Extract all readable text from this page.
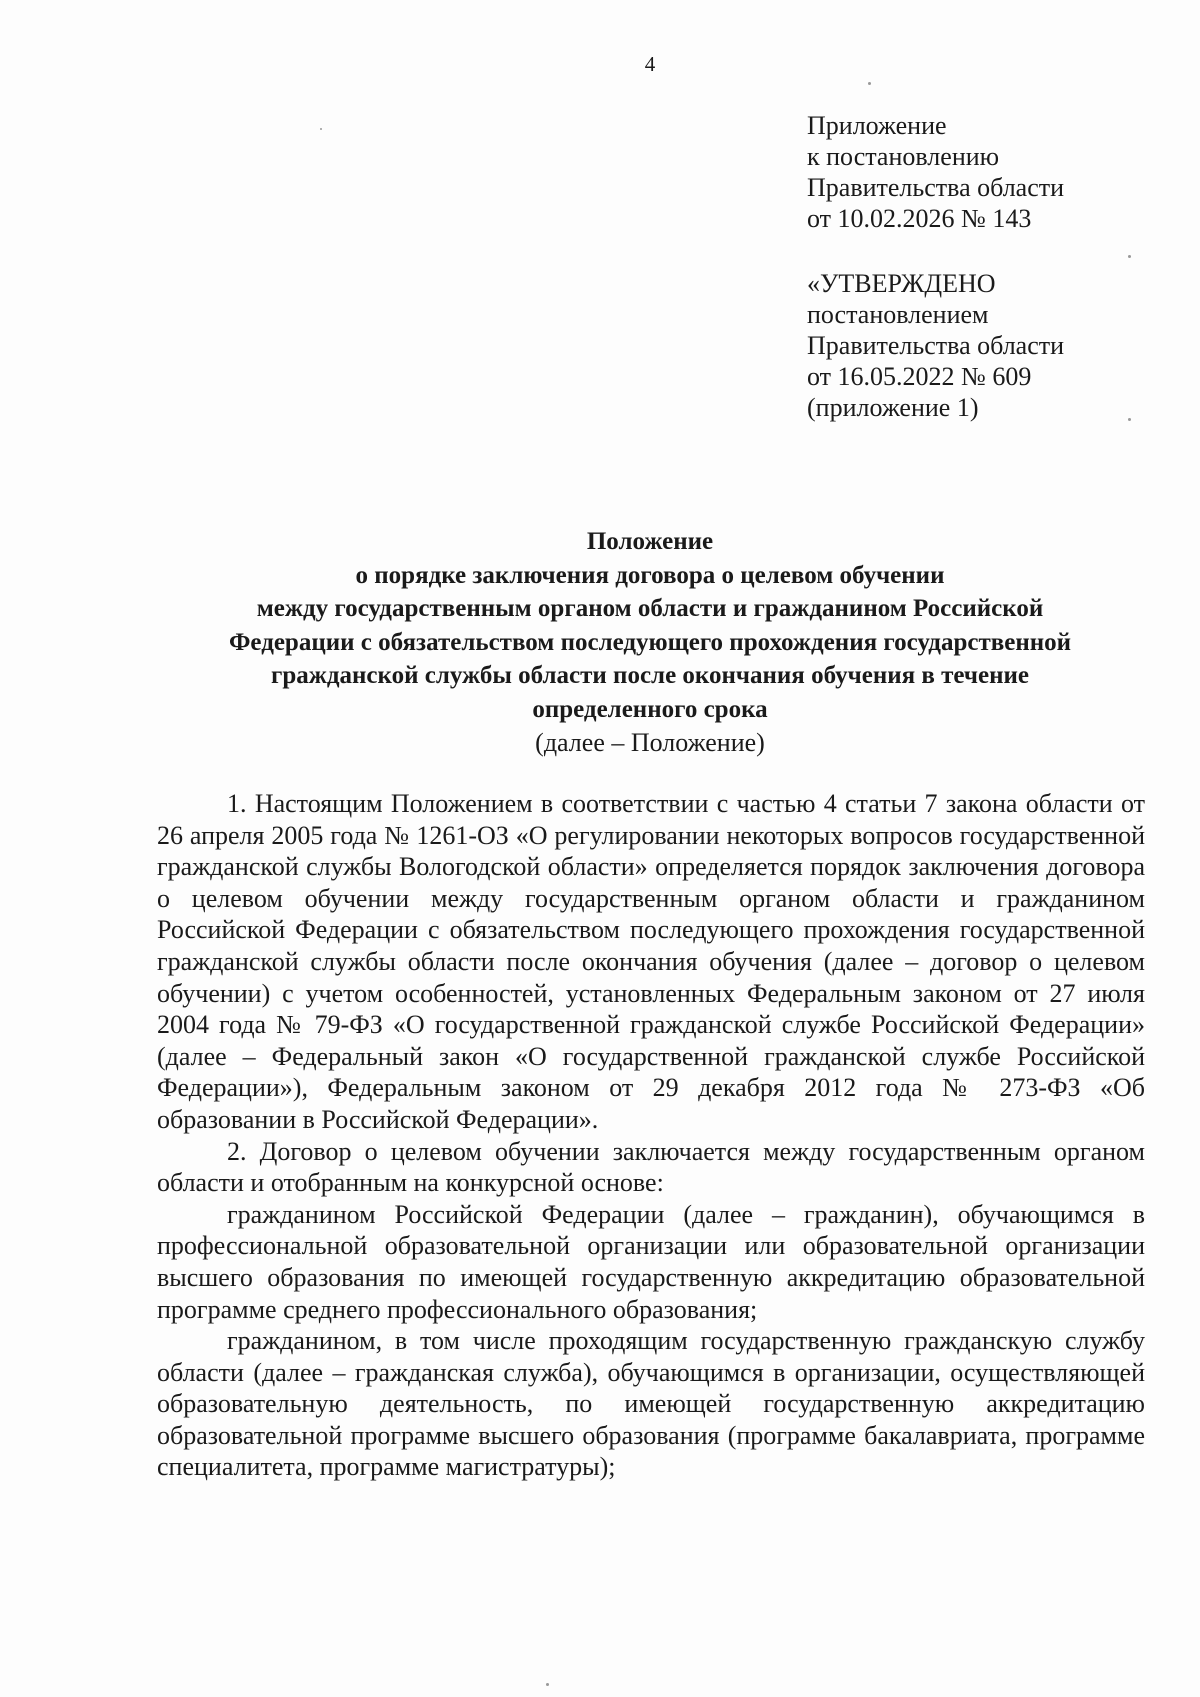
4
Приложение
к постановлению
Правительства области
от 10.02.2026 № 143
«УТВЕРЖДЕНО
постановлением
Правительства области
от 16.05.2022 № 609
(приложение 1)
Положение
о порядке заключения договора о целевом обучении
между государственным органом области и гражданином Российской
Федерации с обязательством последующего прохождения государственной
гражданской службы области после окончания обучения в течение
определенного срока
(далее – Положение)

1. Настоящим Положением в соответствии с частью 4 статьи 7 закона области от 26 апреля 2005 года № 1261-ОЗ «О регулировании некоторых вопросов государственной гражданской службы Вологодской области» определяется порядок заключения договора о целевом обучении между государственным органом области и гражданином Российской Федерации с обязательством последующего прохождения государственной гражданской службы области после окончания обучения (далее – договор о целевом обучении) с учетом особенностей, установленных Федеральным законом от 27 июля 2004 года № 79-ФЗ «О государственной гражданской службе Российской Федерации» (далее – Федеральный закон «О государственной гражданской службе Российской Федерации»), Федеральным законом от 29 декабря 2012 года № 273-ФЗ «Об образовании в Российской Федерации».

2. Договор о целевом обучении заключается между государственным органом области и отобранным на конкурсной основе:

гражданином Российской Федерации (далее – гражданин), обучающимся в профессиональной образовательной организации или образовательной организации высшего образования по имеющей государственную аккредитацию образовательной программе среднего профессионального образования;

гражданином, в том числе проходящим государственную гражданскую службу области (далее – гражданская служба), обучающимся в организации, осуществляющей образовательную деятельность, по имеющей государственную аккредитацию образовательной программе высшего образования (программе бакалавриата, программе специалитета, программе магистратуры);
